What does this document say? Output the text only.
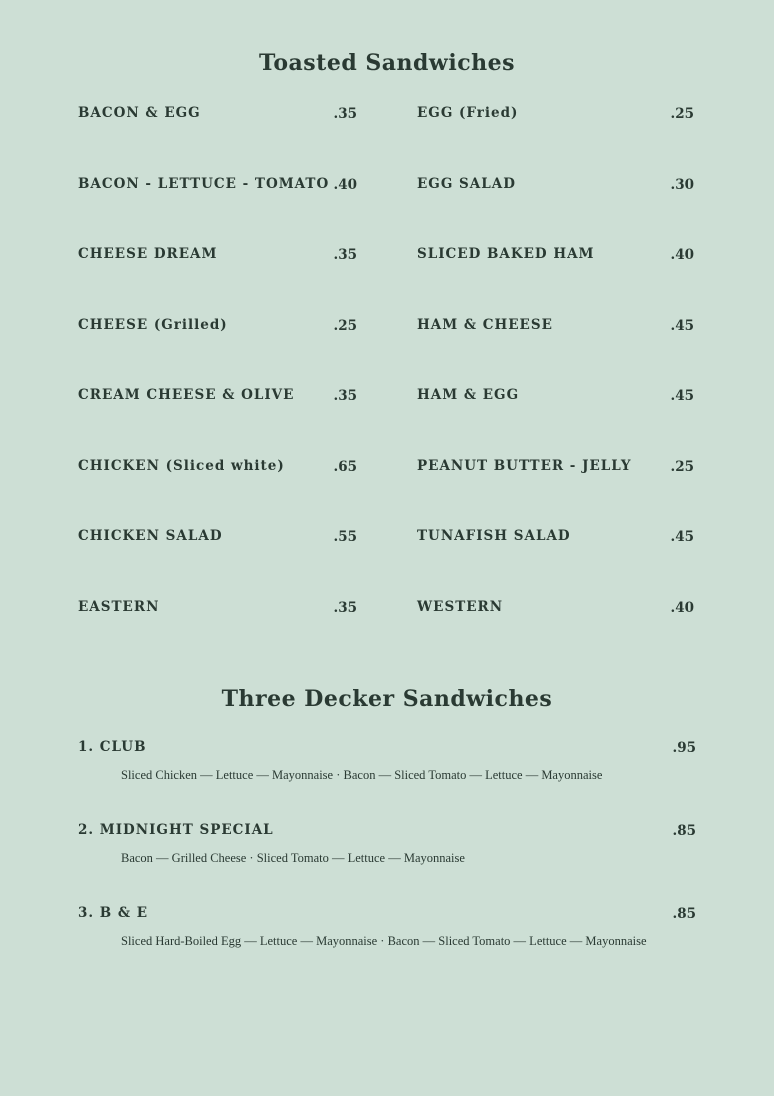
Toasted Sandwiches
BACON & EGG	.35	EGG (Fried)	.25
BACON - LETTUCE - TOMATO .40	EGG SALAD	.30
CHEESE DREAM	.35	SLICED BAKED HAM	.40
CHEESE (Grilled)	.25	HAM & CHEESE	.45
CREAM CHEESE & OLIVE	.35	HAM & EGG	.45
CHICKEN (Sliced white)	.65	PEANUT BUTTER - JELLY	.25
CHICKEN SALAD	.55	TUNAFISH SALAD	.45
EASTERN	.35	WESTERN	.40
Three Decker Sandwiches
1. CLUB	.95
Sliced Chicken — Lettuce — Mayonnaise · Bacon — Sliced Tomato — Lettuce — Mayonnaise
2. MIDNIGHT SPECIAL	.85
Bacon — Grilled Cheese · Sliced Tomato — Lettuce — Mayonnaise
3. B & E	.85
Sliced Hard-Boiled Egg — Lettuce — Mayonnaise · Bacon — Sliced Tomato — Lettuce — Mayonnaise
